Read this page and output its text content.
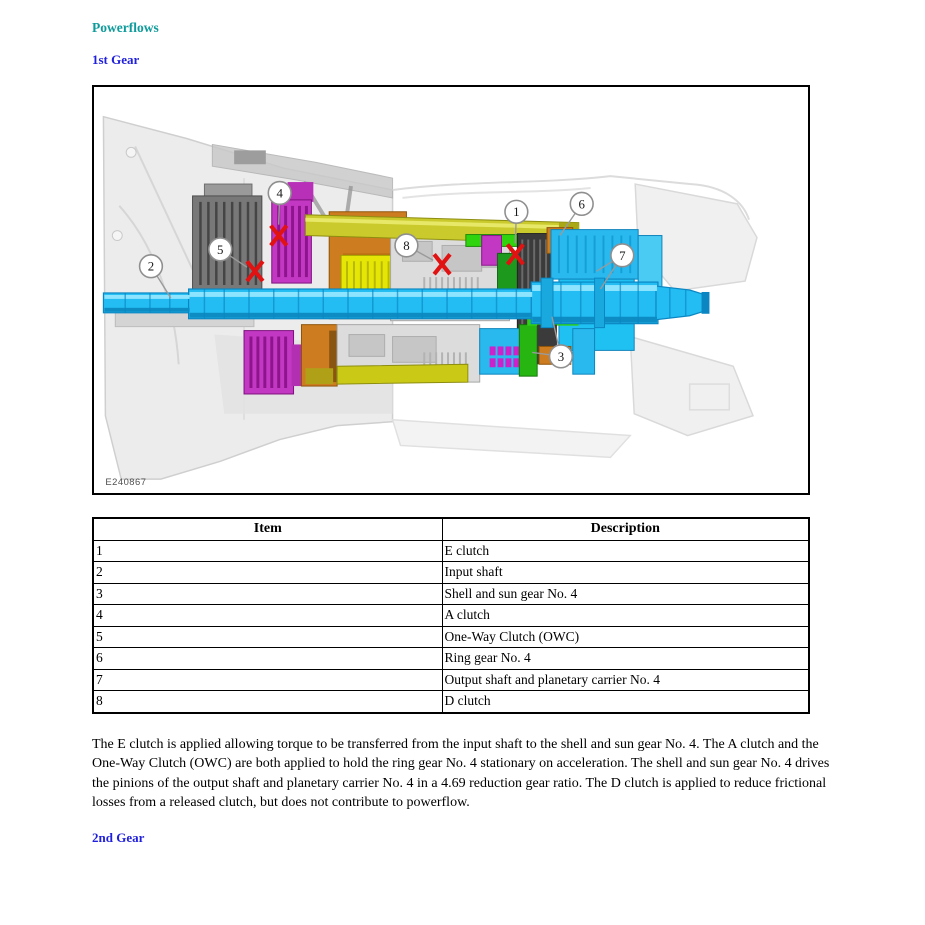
Powerflows
1st Gear
1
2
3
4
5
6
7
8
E240867
Item	Description
1	E clutch
2	Input shaft
3	Shell and sun gear No. 4
4	A clutch
5	One-Way Clutch (OWC)
6	Ring gear No. 4
7	Output shaft and planetary carrier No. 4
8	D clutch

The E clutch is applied allowing torque to be transferred from the input shaft to the shell and sun gear No. 4. The A clutch and the One-Way Clutch (OWC) are both applied to hold the ring gear No. 4 stationary on acceleration. The shell and sun gear No. 4 drives the pinions of the output shaft and planetary carrier No. 4 in a 4.69 reduction gear ratio. The D clutch is applied to reduce frictional losses from a released clutch, but does not contribute to powerflow.

2nd Gear
